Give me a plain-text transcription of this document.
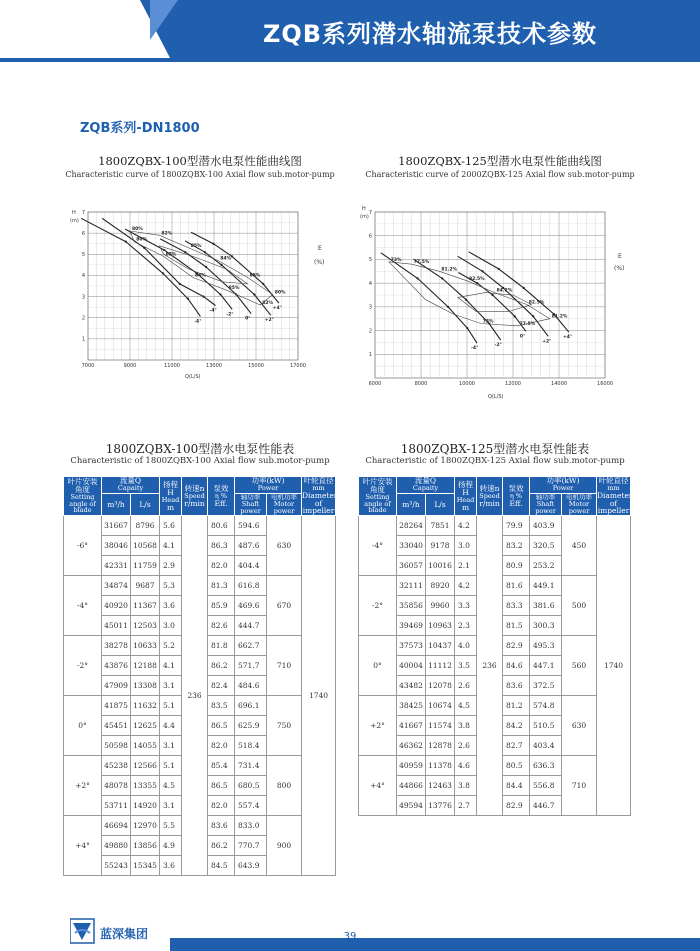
ZQB系列潜水轴流泵技术参数
ZQB系列-DN1800
1800ZQBX-100型潜水电泵性能曲线图
Characteristic curve of 1800ZQBX-100 Axial flow sub.motor-pump
7000	9000	11000	13000	15000	17000
1
2
3
4
5
6
7
H
(m)
E
(%)
Q(L/S)
-6°
-4°
-2°
0°	+2°
+4°
80%
82%
85%
84%
85%
80%
82%
85%
84%
82%
80%
1800ZQBX-125型潜水电泵性能曲线图
Characteristic curve of 2000ZQBX-125 Axial flow sub.motor-pump
6000	8000	10000	12000	14000	16000
1
2
3
4
5
6
7
H
(m)
E
(%)
Q(L/S)
-4°
-2°
0°
+2°
+4°
73%	77.5%
81.2%
82.5%
84.2%
82.5%
81.2%
77.5%
73%
1800ZQBX-100型潜水电泵性能表
Characteristic of 1800ZQBX-100 Axial flow sub.motor-pump
叶片安装角度
Setting angle of blade	流量Q
Capaity		扬程H
Head
m	转速n
Speed
r/min	泵效
η %
Eff.	功率(kW)
Power		叶轮直径
mm
Diameter of impeller
	m³/h	L/s				轴功率
Shaft power	电机功率
Motor power	

-6°	31667	8796	5.6	236	80.6	594.6	630	1740
	38046	10568	4.1		86.3	487.6		
	42331	11759	2.9		82.0	404.4		
-4°	34874	9687	5.3		81.3	616.8	670	
	40920	11367	3.6		85.9	469.6		
	45011	12503	3.0		82.6	444.7		
-2°	38278	10633	5.2		81.8	662.7	710	
	43876	12188	4.1		86.2	571.7		
	47909	13308	3.1		82.4	484.6		
0°	41875	11632	5.1		83.5	696.1	750	
	45451	12625	4.4		86.5	625.9		
	50598	14055	3.1		82.0	518.4		
+2°	45238	12566	5.1		85.4	731.4	800	
	48078	13355	4.5		86.5	680.5		
	53711	14920	3.1		82.0	557.4		
+4°	46694	12970	5.5		83.6	833.0	900	
	49880	13856	4.9		86.2	770.7		
	55243	15345	3.6		84.5	643.9		
1800ZQBX-125型潜水电泵性能表
Characteristic of 1800ZQBX-125 Axial flow sub.motor-pump
叶片安装角度
Setting angle of blade	流量Q
Capaity		扬程H
Head
m	转速n
Speed
r/min	泵效
η %
Eff.	功率(kW)
Power		叶轮直径
mm
Diameter of impeller
	m³/h	L/s				轴功率
Shaft power	电机功率
Motor power	

-4°	28264	7851	4.2	236	79.9	403.9	450	1740
	33040	9178	3.0		83.2	320.5		
	36057	10016	2.1		80.9	253.2		
-2°	32111	8920	4.2		81.6	449.1	500	
	35856	9960	3.3		83.3	381.6		
	39469	10963	2.3		81.5	300.3		
0°	37573	10437	4.0		82.9	495.3	560	
	40004	11112	3.5		84.6	447.1		
	43482	12078	2.6		83.6	372.5		
+2°	38425	10674	4.5		81.2	574.8	630	
	41667	11574	3.8		84.2	510.5		
	46362	12878	2.6		82.7	403.4		
+4°	40959	11378	4.6		80.5	636.3	710	
	44866	12463	3.8		84.4	556.8		
	49594	13776	2.7		82.9	446.7		
蓝深集团	39
